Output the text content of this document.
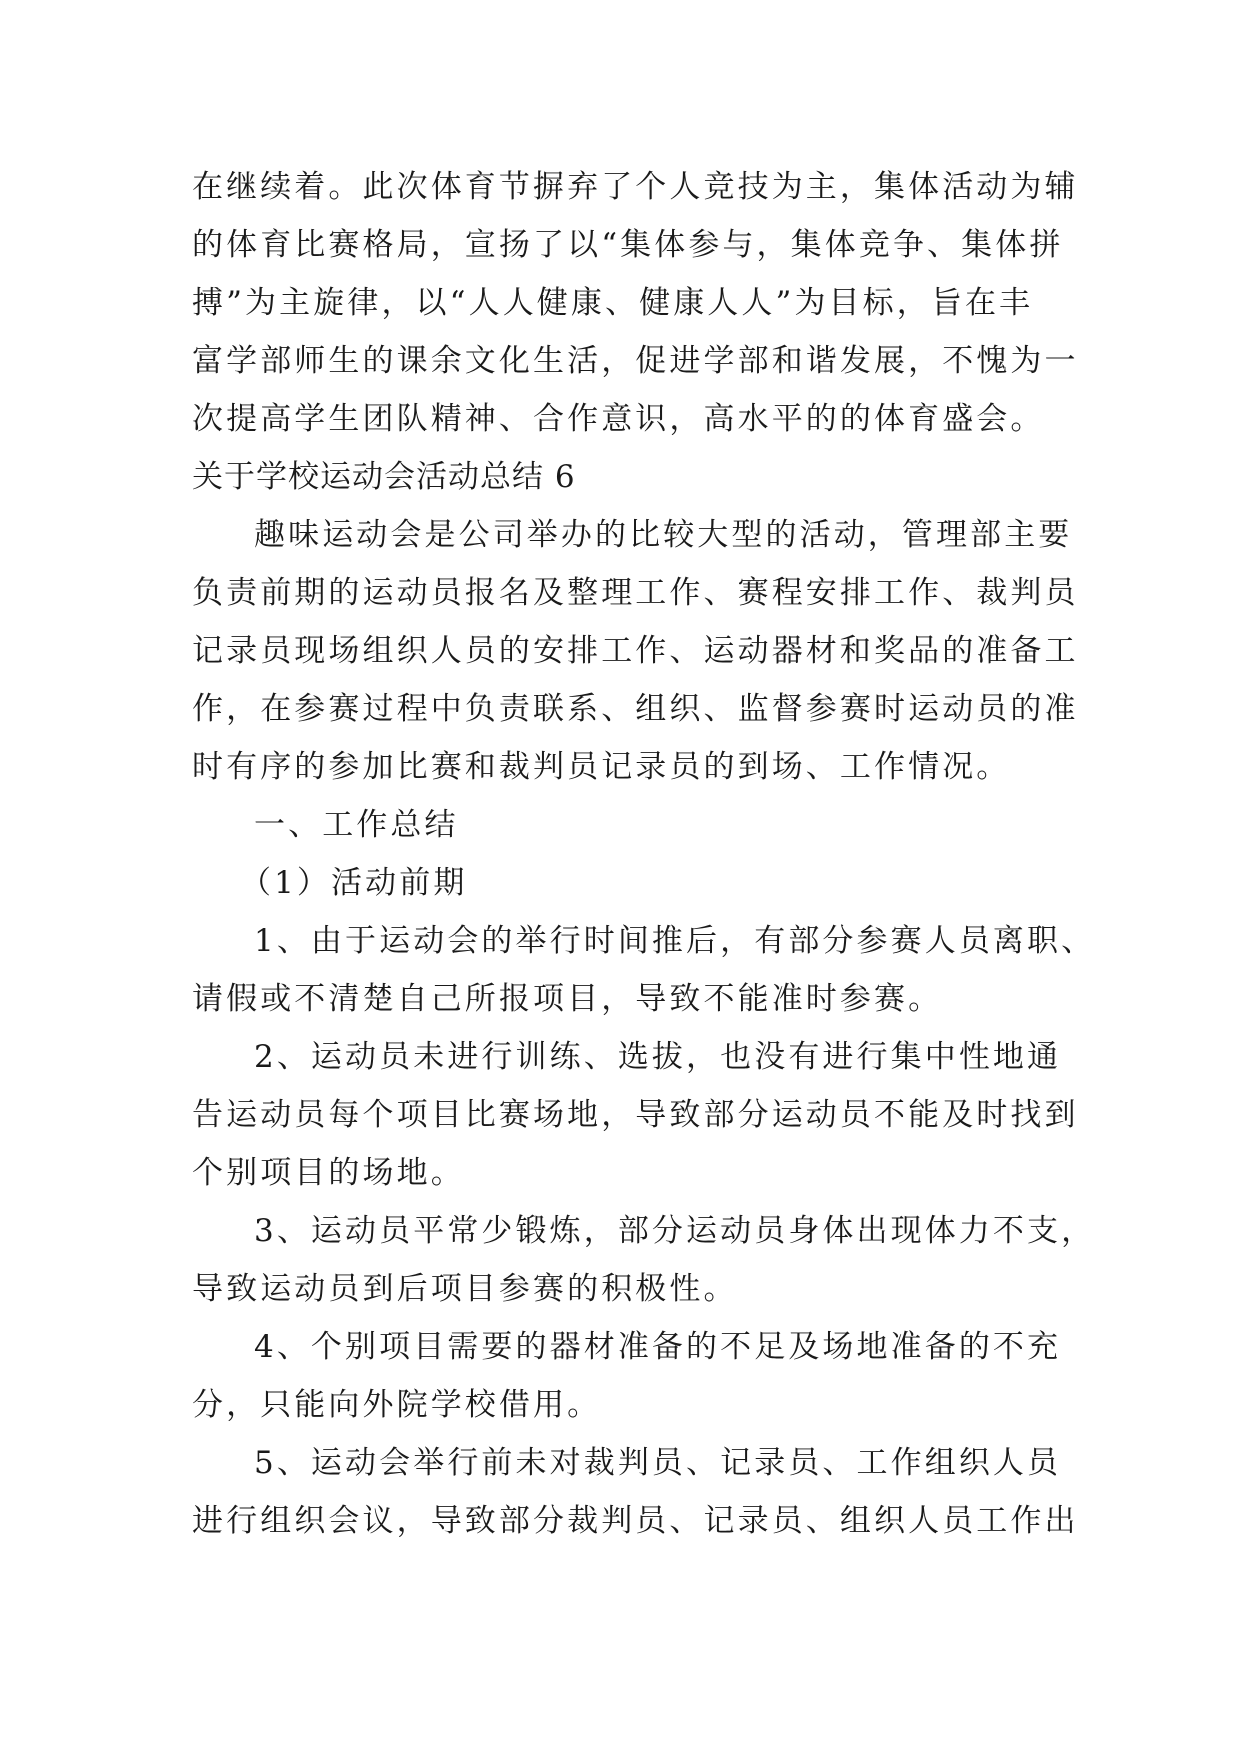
在继续着。此次体育节摒弃了个人竞技为主，集体活动为辅
的体育比赛格局，宣扬了以“集体参与，集体竞争、集体拼
搏”为主旋律，以“人人健康、健康人人”为目标，旨在丰
富学部师生的课余文化生活，促进学部和谐发展，不愧为一
次提高学生团队精神、合作意识，高水平的的体育盛会。
关于学校运动会活动总结 6
趣味运动会是公司举办的比较大型的活动，管理部主要
负责前期的运动员报名及整理工作、赛程安排工作、裁判员
记录员现场组织人员的安排工作、运动器材和奖品的准备工
作，在参赛过程中负责联系、组织、监督参赛时运动员的准
时有序的参加比赛和裁判员记录员的到场、工作情况。
一、工作总结
（1）活动前期
1、由于运动会的举行时间推后，有部分参赛人员离职、
请假或不清楚自己所报项目，导致不能准时参赛。
2、运动员未进行训练、选拔，也没有进行集中性地通
告运动员每个项目比赛场地，导致部分运动员不能及时找到
个别项目的场地。
3、运动员平常少锻炼，部分运动员身体出现体力不支，
导致运动员到后项目参赛的积极性。
4、个别项目需要的器材准备的不足及场地准备的不充
分，只能向外院学校借用。
5、运动会举行前未对裁判员、记录员、工作组织人员
进行组织会议，导致部分裁判员、记录员、组织人员工作出
